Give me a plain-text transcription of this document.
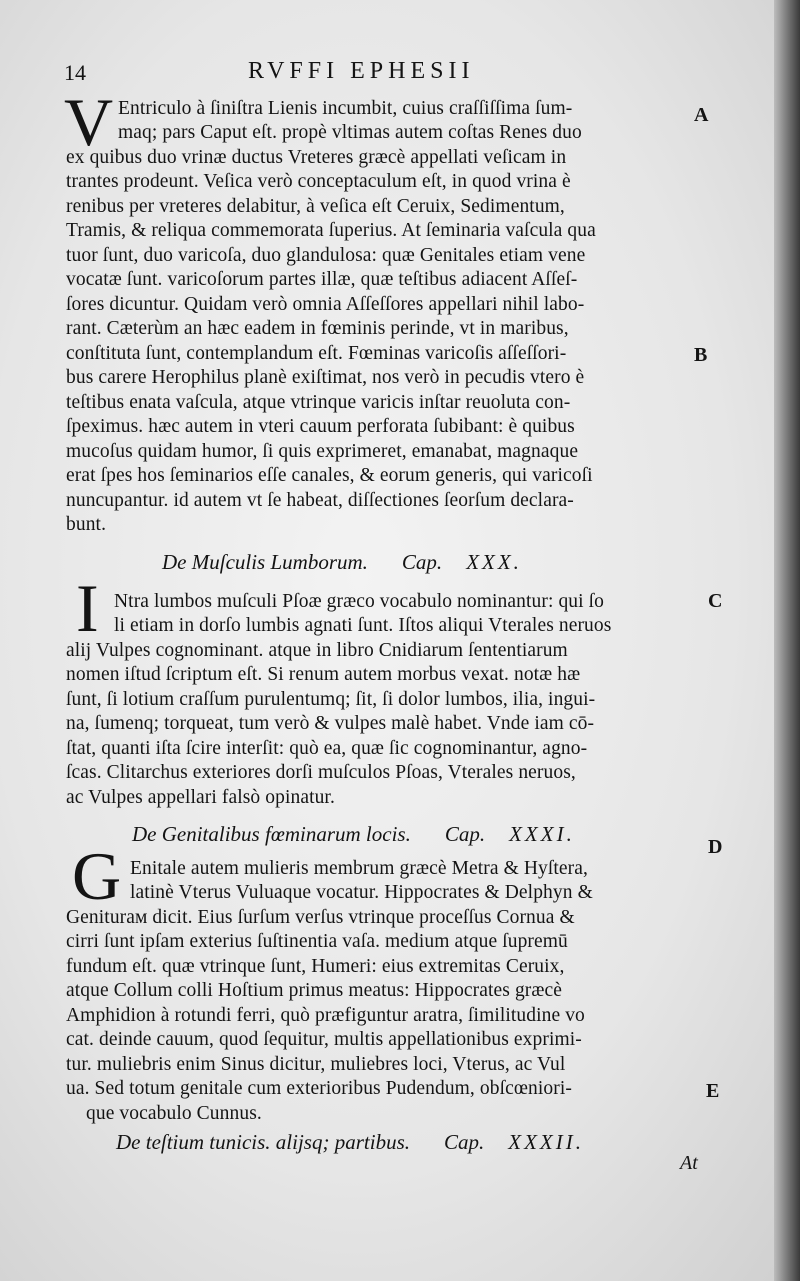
14	RVFFI EPHESII
V Entriculo à ſiniſtra Lienis incumbit, cuius craſſiſſima ſum-
maq; pars Caput eſt. propè vltimas autem coſtas Renes duo
ex quibus duo vrinæ ductus Vreteres græcè appellati veſicam in
trantes prodeunt. Veſica verò conceptaculum eſt, in quod vrina è
renibus per vreteres delabitur, à veſica eſt Ceruix, Sedimentum,
Tramis, & reliqua commemorata ſuperius. At ſeminaria vaſcula qua
tuor ſunt, duo varicoſa, duo glandulosa: quæ Genitales etiam vene
vocatæ ſunt. varicoſorum partes illæ, quæ teſtibus adiacent Aſſeſ-
ſores dicuntur. Quidam verò omnia Aſſeſſores appellari nihil labo-
rant. Cæterùm an hæc eadem in fœminis perinde, vt in maribus,
conſtituta ſunt, contemplandum eſt. Fœminas varicoſis aſſeſſori-
bus carere Herophilus planè exiſtimat, nos verò in pecudis vtero è
teſtibus enata vaſcula, atque vtrinque varicis inſtar reuoluta con-
ſpeximus. hæc autem in vteri cauum perforata ſubibant: è quibus
mucoſus quidam humor, ſi quis exprimeret, emanabat, magnaque
erat ſpes hos ſeminarios eſſe canales, & eorum generis, qui varicoſi
nuncupantur. id autem vt ſe habeat, diſſectiones ſeorſum declara-
bunt.
De Muſculis Lumborum. Cap. XXX.
I Ntra lumbos muſculi Pſoæ græco vocabulo nominantur: qui ſo
li etiam in dorſo lumbis agnati ſunt. Iſtos aliqui Vterales neruos
alij Vulpes cognominant. atque in libro Cnidiarum ſententiarum
nomen iſtud ſcriptum eſt. Si renum autem morbus vexat. notæ hæ
ſunt, ſi lotium craſſum purulentumq; ſit, ſi dolor lumbos, ilia, ingui-
na, ſumenq; torqueat, tum verò & vulpes malè habet. Vnde iam cō-
ſtat, quanti iſta ſcire interſit: quò ea, quæ ſic cognominantur, agno-
ſcas. Clitarchus exteriores dorſi muſculos Pſoas, Vterales neruos,
ac Vulpes appellari falsò opinatur.
De Genitalibus fœminarum locis. Cap. XXXI.
G Enitale autem mulieris membrum græcè Metra & Hyſtera,
latinè Vterus Vuluaque vocatur. Hippocrates & Delphyn &
Geniturам dicit. Eius ſurſum verſus vtrinque proceſſus Cornua &
cirri ſunt ipſam exterius ſuſtinentia vaſa. medium atque ſupremū
fundum eſt. quæ vtrinque ſunt, Humeri: eius extremitas Ceruix,
atque Collum colli Hoſtium primus meatus: Hippocrates græcè
Amphidion à rotundi ferri, quò præfiguntur aratra, ſimilitudine vo
cat. deinde cauum, quod ſequitur, multis appellationibus exprimi-
tur. muliebris enim Sinus dicitur, muliebres loci, Vterus, ac Vul
ua. Sed totum genitale cum exterioribus Pudendum, obſcœniori-
que vocabulo Cunnus.
De teſtium tunicis. alijsq; partibus. Cap. XXXII.
A
B
C
D
E
At
